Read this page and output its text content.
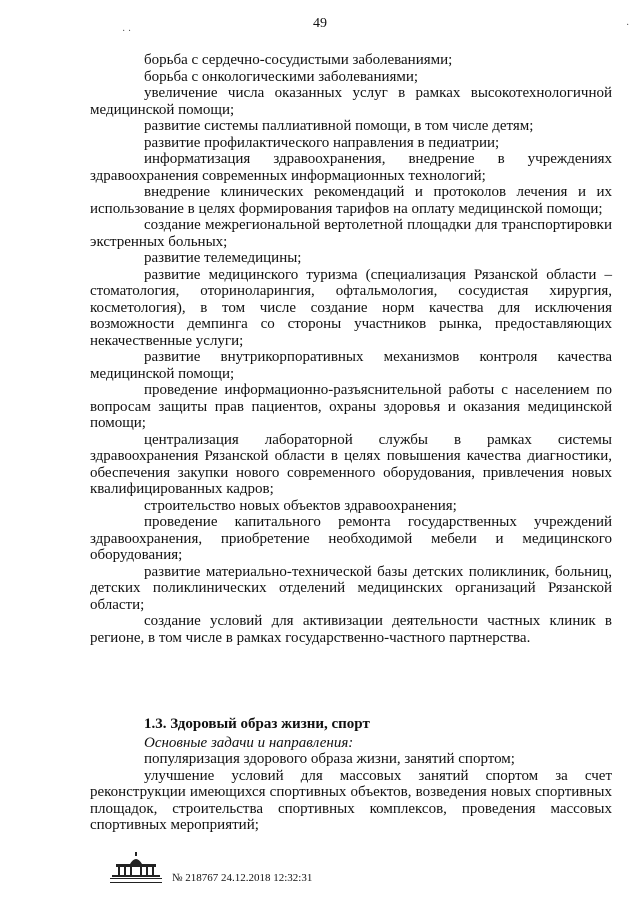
49

борьба с сердечно-сосудистыми заболеваниями;

борьба с онкологическими заболеваниями;

увеличение числа оказанных услуг в рамках высокотехнологичной медицинской помощи;

развитие системы паллиативной помощи, в том числе детям;

развитие профилактического направления в педиатрии;

информатизация здравоохранения, внедрение в учреждениях здравоохранения современных информационных технологий;

внедрение клинических рекомендаций и протоколов лечения и их использование в целях формирования тарифов на оплату медицинской помощи;

создание межрегиональной вертолетной площадки для транспортировки экстренных больных;

развитие телемедицины;

развитие медицинского туризма (специализация Рязанской области – стоматология, оториноларингия, офтальмология, сосудистая хирургия, косметология), в том числе создание норм качества для исключения возможности демпинга со стороны участников рынка, предоставляющих некачественные услуги;

развитие внутрикорпоративных механизмов контроля качества медицинской помощи;

проведение информационно-разъяснительной работы с населением по вопросам защиты прав пациентов, охраны здоровья и оказания медицинской помощи;

централизация лабораторной службы в рамках системы здравоохранения Рязанской области в целях повышения качества диагностики, обеспечения закупки нового современного оборудования, привлечения новых квалифицированных кадров;

строительство новых объектов здравоохранения;

проведение капитального ремонта государственных учреждений здравоохранения, приобретение необходимой мебели и медицинского оборудования;

развитие материально-технической базы детских поликлиник, больниц, детских поликлинических отделений медицинских организаций Рязанской области;

создание условий для активизации деятельности частных клиник в регионе, в том числе в рамках государственно-частного партнерства.

1.3. Здоровый образ жизни, спорт

Основные задачи и направления:

популяризация здорового образа жизни, занятий спортом;

улучшение условий для массовых занятий спортом за счет реконструкции имеющихся спортивных объектов, возведения новых спортивных площадок, строительства спортивных комплексов, проведения массовых спортивных мероприятий;

№ 218767 24.12.2018 12:32:31
· ·
·
